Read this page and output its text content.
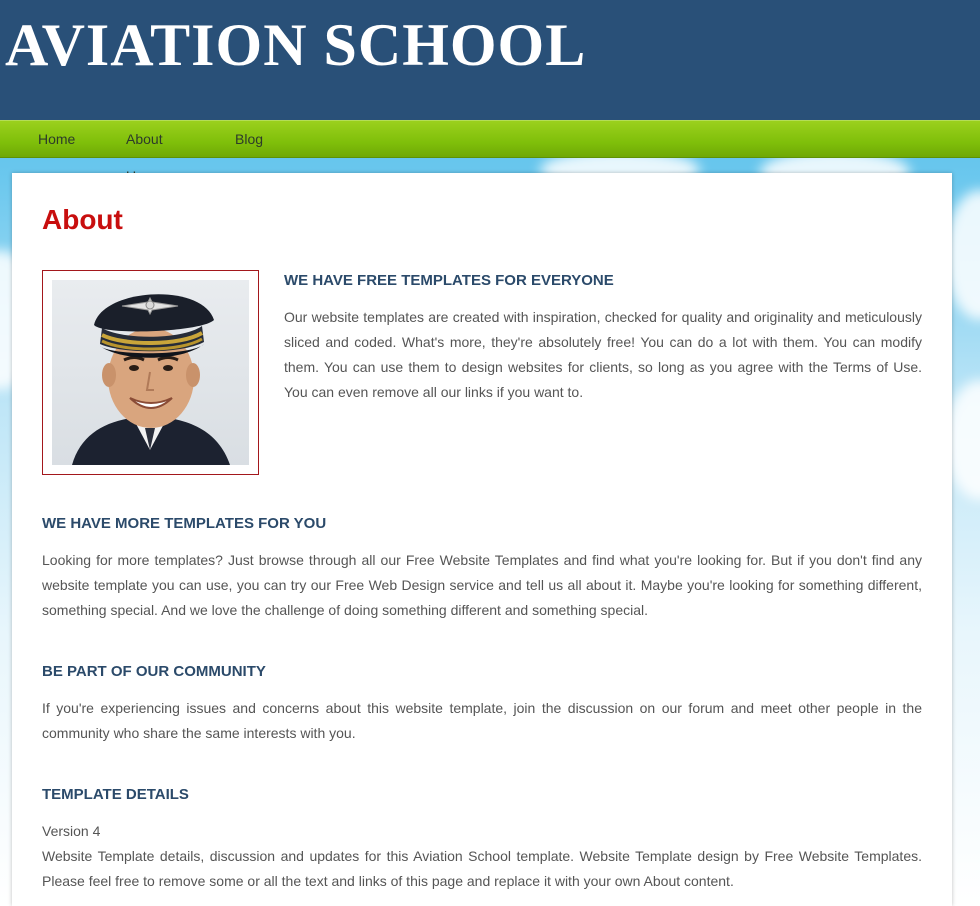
AVIATION SCHOOL
Home	About	Blog
About
WE HAVE FREE TEMPLATES FOR EVERYONE

Our website templates are created with inspiration, checked for quality and originality and meticulously sliced and coded. What's more, they're absolutely free! You can do a lot with them. You can modify them. You can use them to design websites for clients, so long as you agree with the Terms of Use. You can even remove all our links if you want to.

WE HAVE MORE TEMPLATES FOR YOU

Looking for more templates? Just browse through all our Free Website Templates and find what you're looking for. But if you don't find any website template you can use, you can try our Free Web Design service and tell us all about it. Maybe you're looking for something different, something special. And we love the challenge of doing something different and something special.

BE PART OF OUR COMMUNITY

If you're experiencing issues and concerns about this website template, join the discussion on our forum and meet other people in the community who share the same interests with you.

TEMPLATE DETAILS

Version 4

Website Template details, discussion and updates for this Aviation School template. Website Template design by Free Website Templates. Please feel free to remove some or all the text and links of this page and replace it with your own About content.
